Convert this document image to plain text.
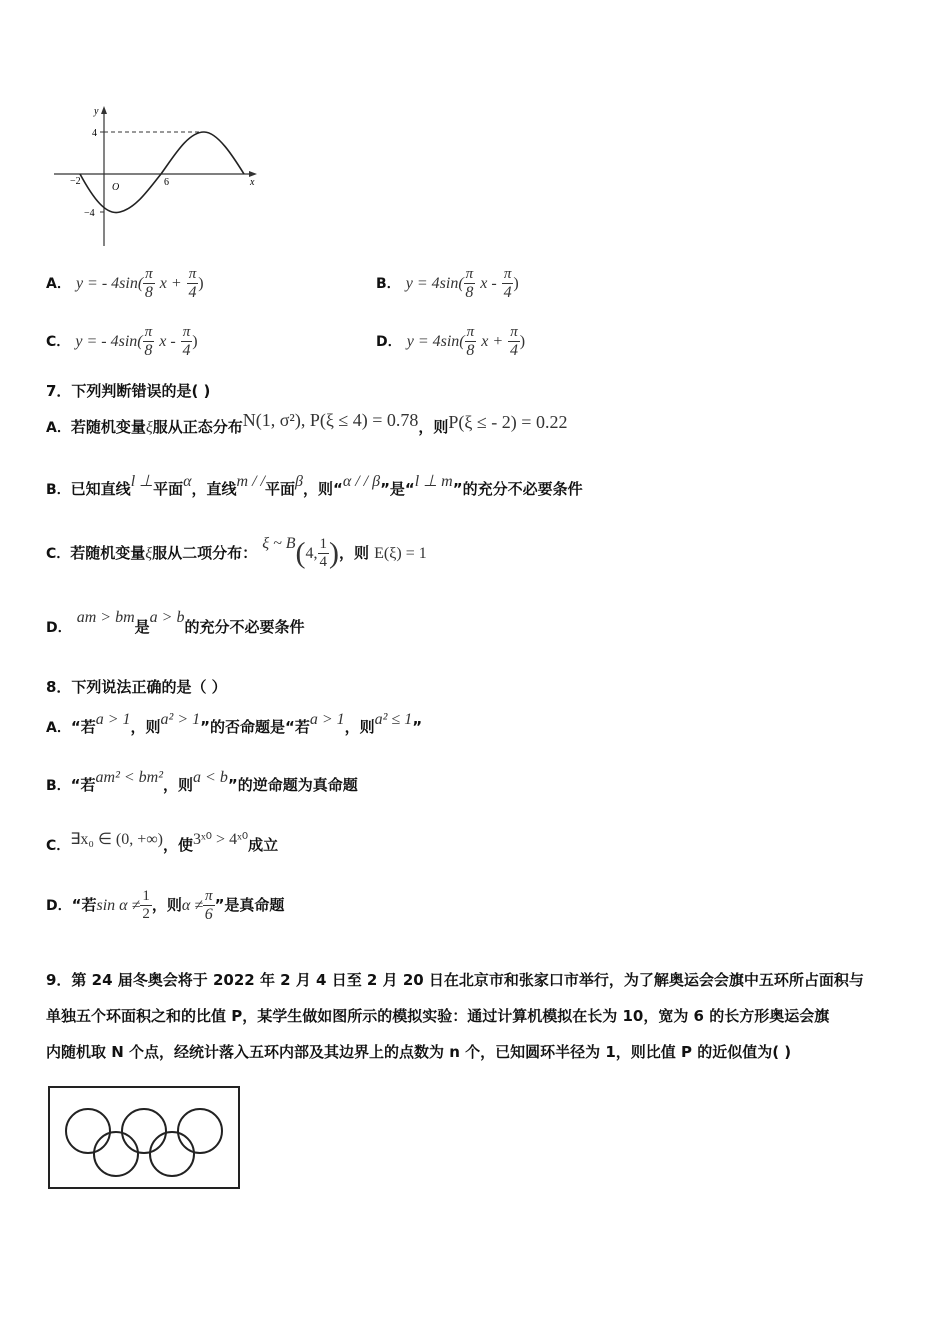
y
x
O
4
−4
−2	6
A． y = - $4\sin( \frac{\pi}{8}$ $x + \frac{\pi}{4}$ )	B． $y = 4\sin( \frac{\pi}{8}$ x - $\frac{\pi}{4}$ )
C． y = - $4\sin( \frac{\pi}{8}$ x - $\frac{\pi}{4}$ )	D． $y = 4\sin( \frac{\pi}{8}$ $x + \frac{\pi}{4}$ )
7．下列判断错误的是( )
A．若随机变量ξ服从正态分布N(1, σ²), P(ξ ≤ 4) = 0.78，则P(ξ ≤ - 2) = 0.22
B．已知直线l ⊥平面α，直线m / /平面β，则“α / / β”是“l ⊥ m”的充分不必要条件
C．若随机变量ξ服从二项分布： ξ ~ B(4, $\frac{1}{4}$ )，则 E(ξ) = 1
D． am > bm是a > b的充分不必要条件
8．下列说法正确的是（ ）
A．“若a > 1，则a² > 1”的否命题是“若a > 1，则a² ≤ 1”
B．“若am² < bm²，则a < b”的逆命题为真命题
C．∃x₀ ∈ (0, +∞)，使3ˣ⁰ > 4ˣ⁰成立
D．“若$\sin \alpha \ne \frac{1}{2}$ ，则$\alpha \ne \frac{\pi}{6}$ ”是真命题
9．第 24 届冬奥会将于 2022 年 2 月 4 日至 2 月 20 日在北京市和张家口市举行，为了解奥运会会旗中五环所占面积与
单独五个环面积之和的比值 P，某学生做如图所示的模拟实验：通过计算机模拟在长为 10，宽为 6 的长方形奥运会旗
内随机取 N 个点，经统计落入五环内部及其边界上的点数为 n 个，已知圆环半径为 1，则比值 P 的近似值为( )
